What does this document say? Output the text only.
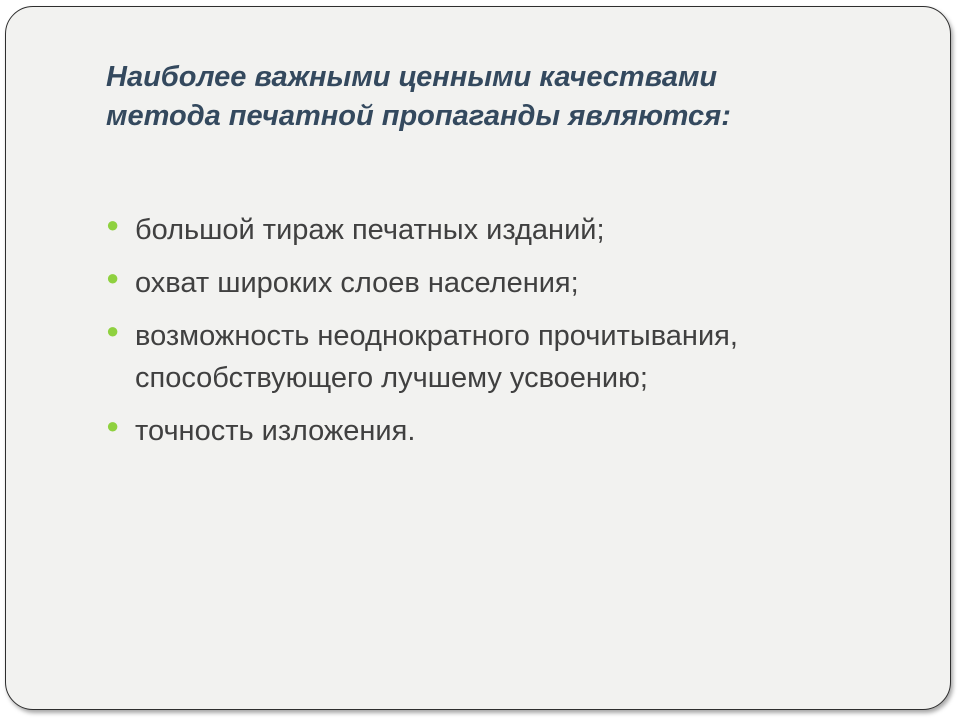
Наиболее важными ценными качествами
метода печатной пропаганды являются:
● большой тираж печатных изданий;
● охват широких слоев населения;
● возможность неоднократного прочитывания,
способствующего лучшему усвоению;
● точность изложения.
